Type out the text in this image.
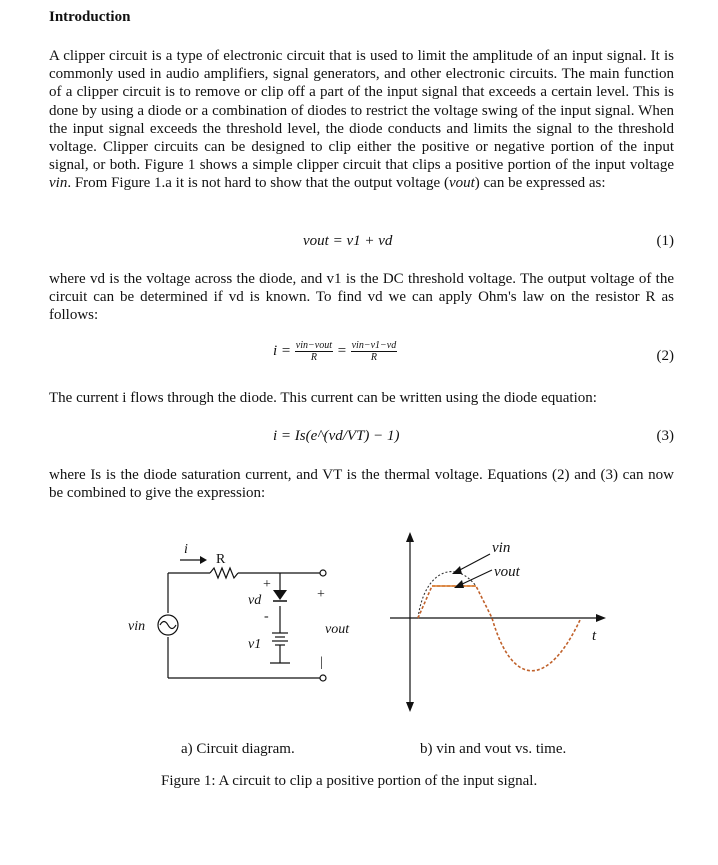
Introduction
A clipper circuit is a type of electronic circuit that is used to limit the amplitude of an input signal. It is commonly used in audio amplifiers, signal generators, and other electronic circuits. The main function of a clipper circuit is to remove or clip off a part of the input signal that exceeds a certain level. This is done by using a diode or a combination of diodes to restrict the voltage swing of the input signal. When the input signal exceeds the threshold level, the diode conducts and limits the signal to the threshold voltage. Clipper circuits can be designed to clip either the positive or negative portion of the input signal, or both. Figure 1 shows a simple clipper circuit that clips a positive portion of the input voltage vin. From Figure 1.a it is not hard to show that the output voltage (vout) can be expressed as:
vout = v1 + vd	(1)
where vd is the voltage across the diode, and v1 is the DC threshold voltage. The output voltage of the circuit can be determined if vd is known. To find vd we can apply Ohm's law on the resistor R as follows:
$i = \frac{\text{vin−vout}}{R} = \frac{\text{vin−v1−vd}}{R}$	(2)
The current i flows through the diode. This current can be written using the diode equation:
i = Is(e^(vd/VT) − 1)	(3)
where Is is the diode saturation current, and VT is the thermal voltage. Equations (2) and (3) can now be combined to give the expression:
i
R
+
vd
-
v1
vin
+
vout
|
vin
vout
t
a) Circuit diagram.	b) vin and vout vs. time.
Figure 1: A circuit to clip a positive portion of the input signal.
